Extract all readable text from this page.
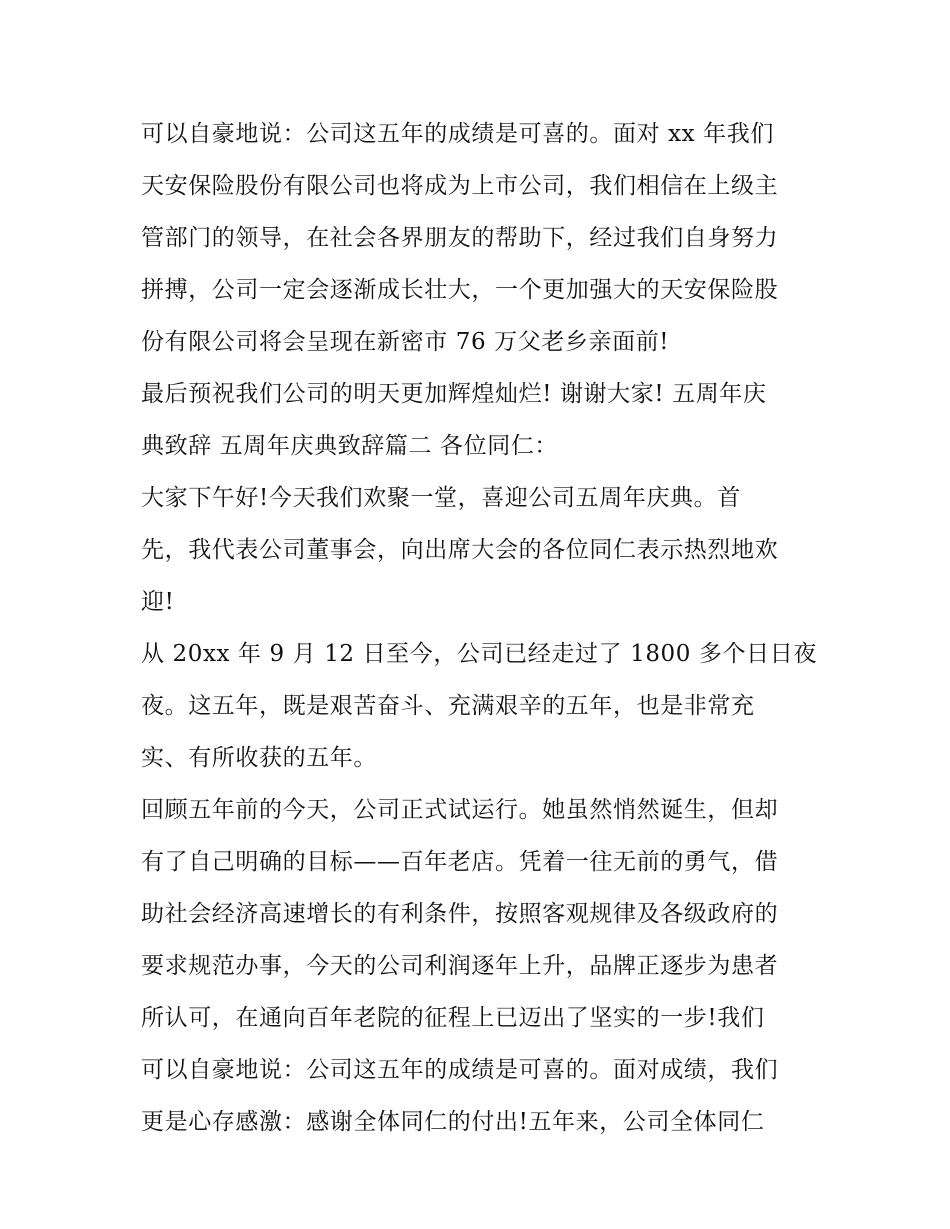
可以自豪地说：公司这五年的成绩是可喜的。面对 xx 年我们
天安保险股份有限公司也将成为上市公司，我们相信在上级主
管部门的领导，在社会各界朋友的帮助下，经过我们自身努力
拼搏，公司一定会逐渐成长壮大，一个更加强大的天安保险股
份有限公司将会呈现在新密市 76 万父老乡亲面前!
最后预祝我们公司的明天更加辉煌灿烂! 谢谢大家! 五周年庆
典致辞 五周年庆典致辞篇二 各位同仁：
大家下午好!今天我们欢聚一堂，喜迎公司五周年庆典。首
先，我代表公司董事会，向出席大会的各位同仁表示热烈地欢
迎!
从 20xx 年 9 月 12 日至今，公司已经走过了 1800 多个日日夜
夜。这五年，既是艰苦奋斗、充满艰辛的五年，也是非常充
实、有所收获的五年。
回顾五年前的今天，公司正式试运行。她虽然悄然诞生，但却
有了自己明确的目标——百年老店。凭着一往无前的勇气，借
助社会经济高速增长的有利条件，按照客观规律及各级政府的
要求规范办事，今天的公司利润逐年上升，品牌正逐步为患者
所认可，在通向百年老院的征程上已迈出了坚实的一步!我们
可以自豪地说：公司这五年的成绩是可喜的。面对成绩，我们
更是心存感激：感谢全体同仁的付出!五年来，公司全体同仁
